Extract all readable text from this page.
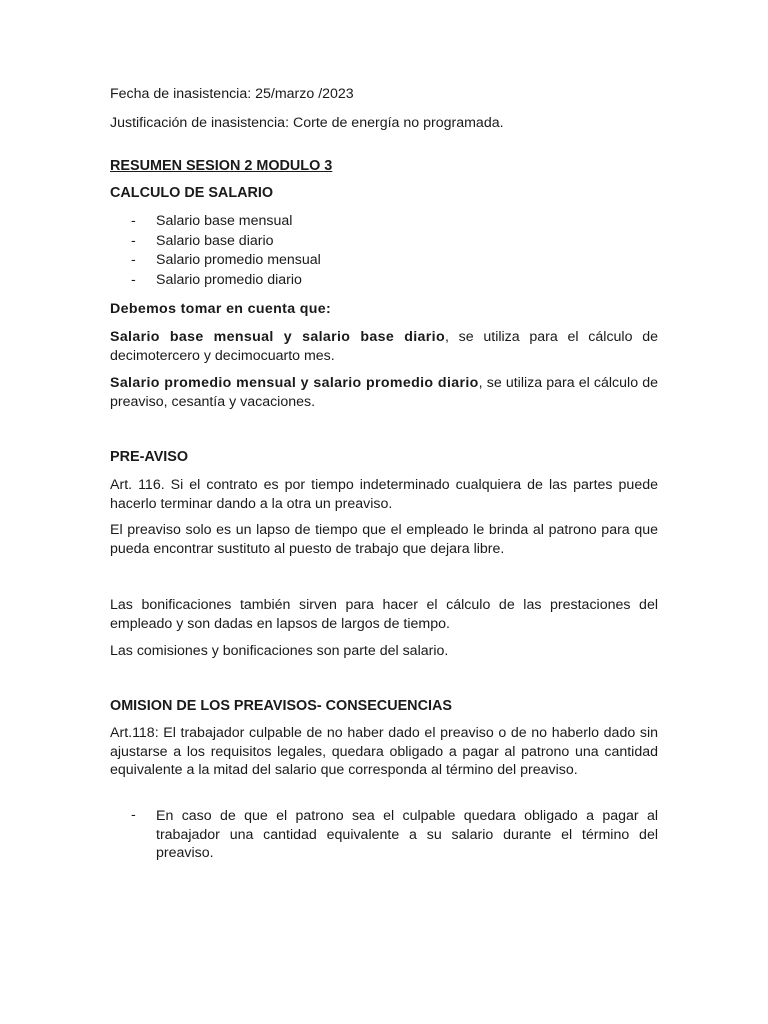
Fecha de inasistencia: 25/marzo /2023
Justificación de inasistencia: Corte de energía no programada.
RESUMEN SESION 2 MODULO 3
CALCULO DE SALARIO
- Salario base mensual
- Salario base diario
- Salario promedio mensual
- Salario promedio diario
Debemos tomar en cuenta que:
Salario base mensual y salario base diario, se utiliza para el cálculo de decimotercero y decimocuarto mes.
Salario promedio mensual y salario promedio diario, se utiliza para el cálculo de preaviso, cesantía y vacaciones.
PRE-AVISO
Art. 116. Si el contrato es por tiempo indeterminado cualquiera de las partes puede hacerlo terminar dando a la otra un preaviso.
El preaviso solo es un lapso de tiempo que el empleado le brinda al patrono para que pueda encontrar sustituto al puesto de trabajo que dejara libre.
Las bonificaciones también sirven para hacer el cálculo de las prestaciones del empleado y son dadas en lapsos de largos de tiempo.
Las comisiones y bonificaciones son parte del salario.
OMISION DE LOS PREAVISOS- CONSECUENCIAS
Art.118: El trabajador culpable de no haber dado el preaviso o de no haberlo dado sin ajustarse a los requisitos legales, quedara obligado a pagar al patrono una cantidad equivalente a la mitad del salario que corresponda al término del preaviso.
- En caso de que el patrono sea el culpable quedara obligado a pagar al trabajador una cantidad equivalente a su salario durante el término del preaviso.
